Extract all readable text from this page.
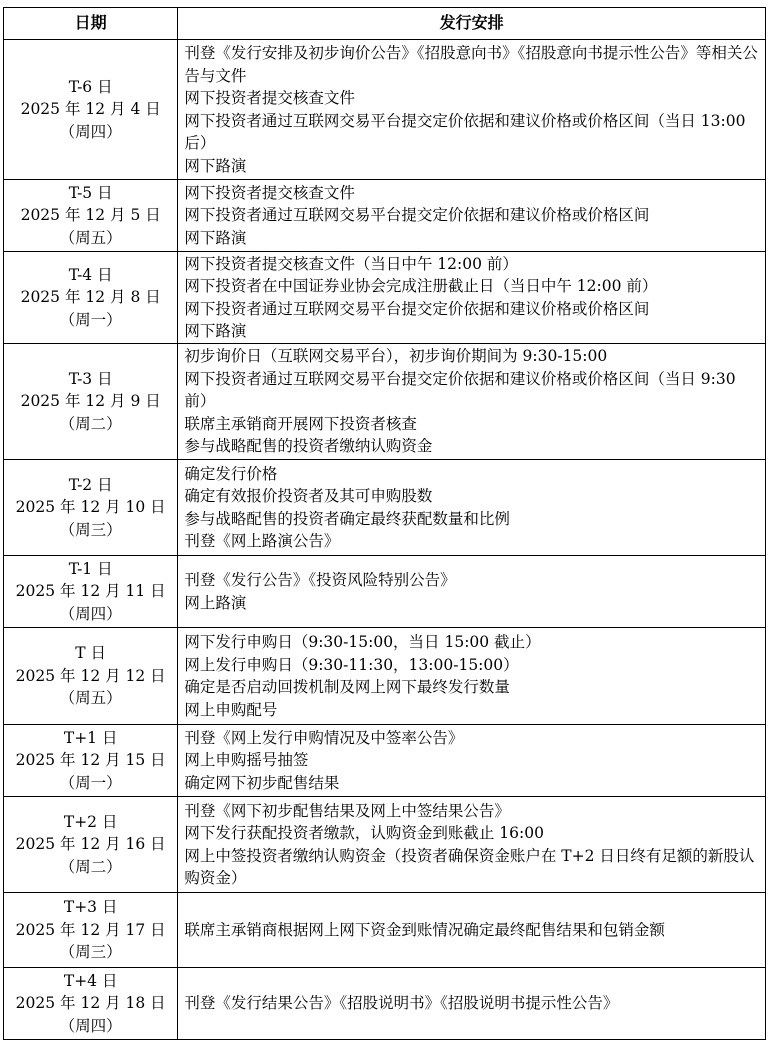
日期	发行安排

T-6 日
2025 年 12 月 4 日
（周四）	刊登《发行安排及初步询价公告》《招股意向书》《招股意向书提示性公告》等相关公告与文件
网下投资者提交核查文件
网下投资者通过互联网交易平台提交定价依据和建议价格或价格区间（当日 13:00 后）
网下路演

T-5 日
2025 年 12 月 5 日
（周五）	网下投资者提交核查文件
网下投资者通过互联网交易平台提交定价依据和建议价格或价格区间
网下路演

T-4 日
2025 年 12 月 8 日
（周一）	网下投资者提交核查文件（当日中午 12:00 前）
网下投资者在中国证券业协会完成注册截止日（当日中午 12:00 前）
网下投资者通过互联网交易平台提交定价依据和建议价格或价格区间
网下路演

T-3 日
2025 年 12 月 9 日
（周二）	初步询价日（互联网交易平台），初步询价期间为 9:30-15:00
网下投资者通过互联网交易平台提交定价依据和建议价格或价格区间（当日 9:30 前）
联席主承销商开展网下投资者核查
参与战略配售的投资者缴纳认购资金

T-2 日
2025 年 12 月 10 日
（周三）	确定发行价格
确定有效报价投资者及其可申购股数
参与战略配售的投资者确定最终获配数量和比例
刊登《网上路演公告》

T-1 日
2025 年 12 月 11 日
（周四）	刊登《发行公告》《投资风险特别公告》
网上路演

T 日
2025 年 12 月 12 日
（周五）	网下发行申购日（9:30-15:00，当日 15:00 截止）
网上发行申购日（9:30-11:30，13:00-15:00）
确定是否启动回拨机制及网上网下最终发行数量
网上申购配号

T+1 日
2025 年 12 月 15 日
（周一）	刊登《网上发行申购情况及中签率公告》
网上申购摇号抽签
确定网下初步配售结果

T+2 日
2025 年 12 月 16 日
（周二）	刊登《网下初步配售结果及网上中签结果公告》
网下发行获配投资者缴款，认购资金到账截止 16:00
网上中签投资者缴纳认购资金（投资者确保资金账户在 T+2 日日终有足额的新股认购资金）

T+3 日
2025 年 12 月 17 日
（周三）	联席主承销商根据网上网下资金到账情况确定最终配售结果和包销金额

T+4 日
2025 年 12 月 18 日
（周四）	刊登《发行结果公告》《招股说明书》《招股说明书提示性公告》
